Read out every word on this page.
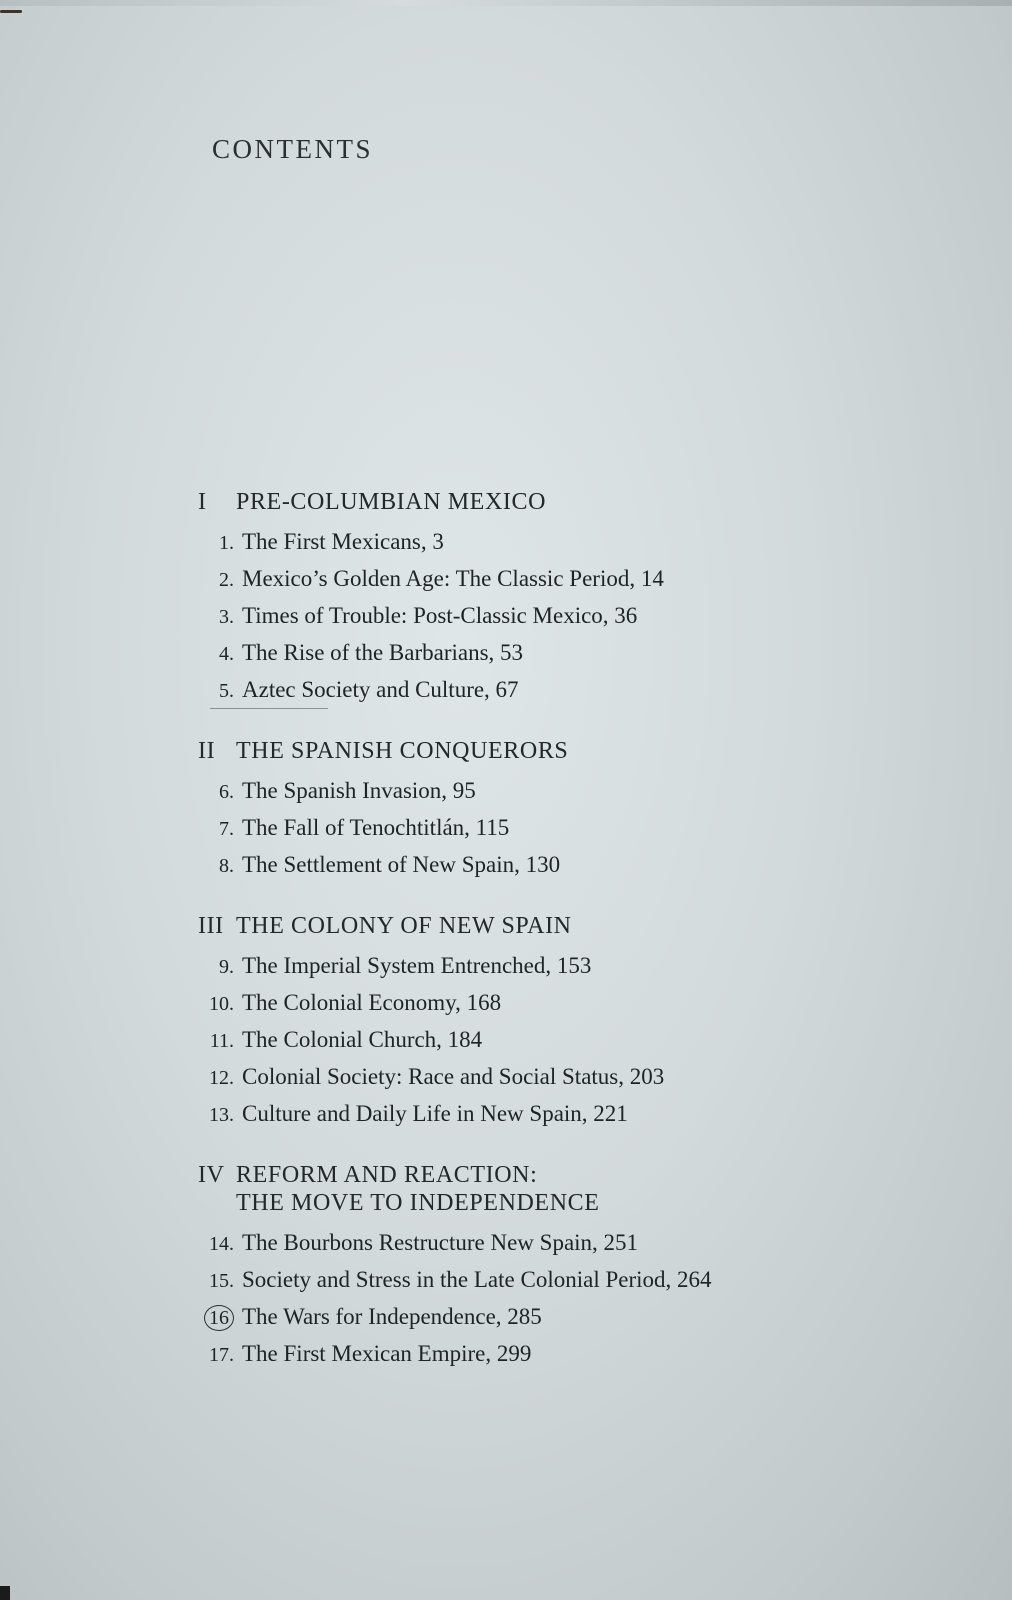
CONTENTS
I	PRE-COLUMBIAN MEXICO
1. The First Mexicans, 3
2. Mexico’s Golden Age: The Classic Period, 14
3. Times of Trouble: Post-Classic Mexico, 36
4. The Rise of the Barbarians, 53
5. Aztec Society and Culture, 67
II THE SPANISH CONQUERORS
6. The Spanish Invasion, 95
7. The Fall of Tenochtitlán, 115
8. The Settlement of New Spain, 130
III THE COLONY OF NEW SPAIN
9. The Imperial System Entrenched, 153
10. The Colonial Economy, 168
11. The Colonial Church, 184
12. Colonial Society: Race and Social Status, 203
13. Culture and Daily Life in New Spain, 221
IV REFORM AND REACTION:
THE MOVE TO INDEPENDENCE
14. The Bourbons Restructure New Spain, 251
15. Society and Stress in the Late Colonial Period, 264
16 The Wars for Independence, 285
17. The First Mexican Empire, 299
